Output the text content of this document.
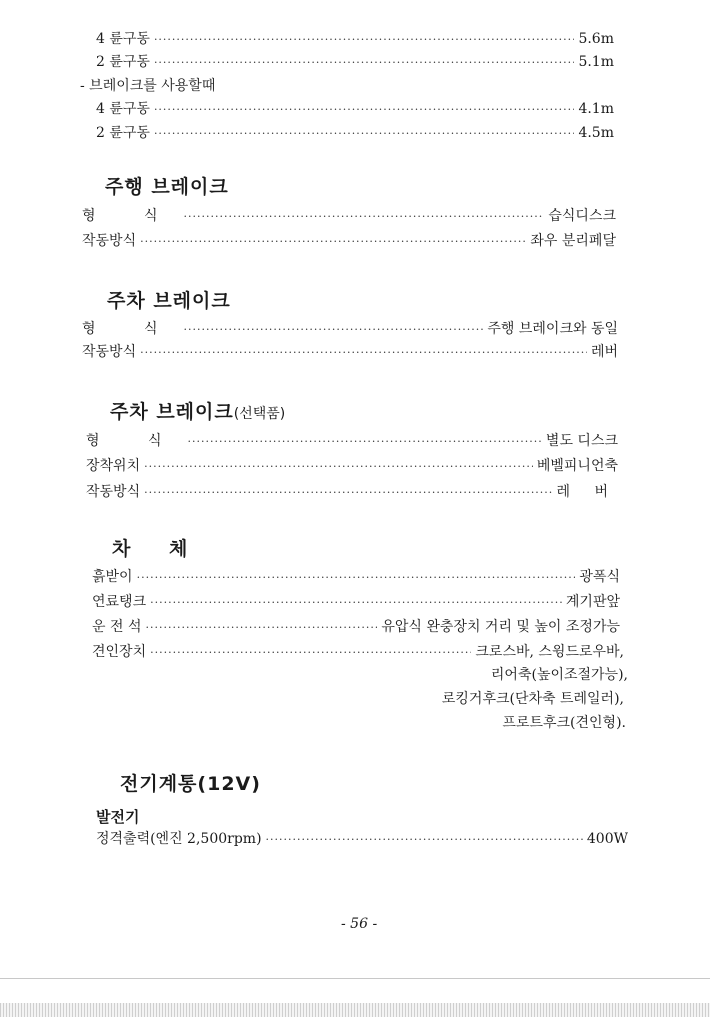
4 륜구동 ·····	5.6m
2 륜구동 ·····	5.1m
- 브레이크를 사용할때
4 륜구동 ·····	4.1m
2 륜구동 ·····	4.5m
주행 브레이크
형 식 ·····	습식디스크
작동방식 ·····	좌우 분리페달
주차 브레이크
형 식 ·····	주행 브레이크와 동일
작동방식 ·····	레버
주차 브레이크(선택품)
형 식 ·····	별도 디스크
장착위치 ·····	베벨피니언축
작동방식 ·····	레 버
차 체
흙받이 ·····	광폭식
연료탱크 ·····	계기판앞
운 전 석 ·····	유압식 완충장치 거리 및 높이 조정가능
견인장치 ·····	크로스바, 스윙드로우바,
리어축(높이조절가능),
로킹거후크(단차축 트레일러),
프로트후크(견인형).
전기계통(12V)
발전기
정격출력(엔진 2,500rpm) ·····	400W
- 56 -
